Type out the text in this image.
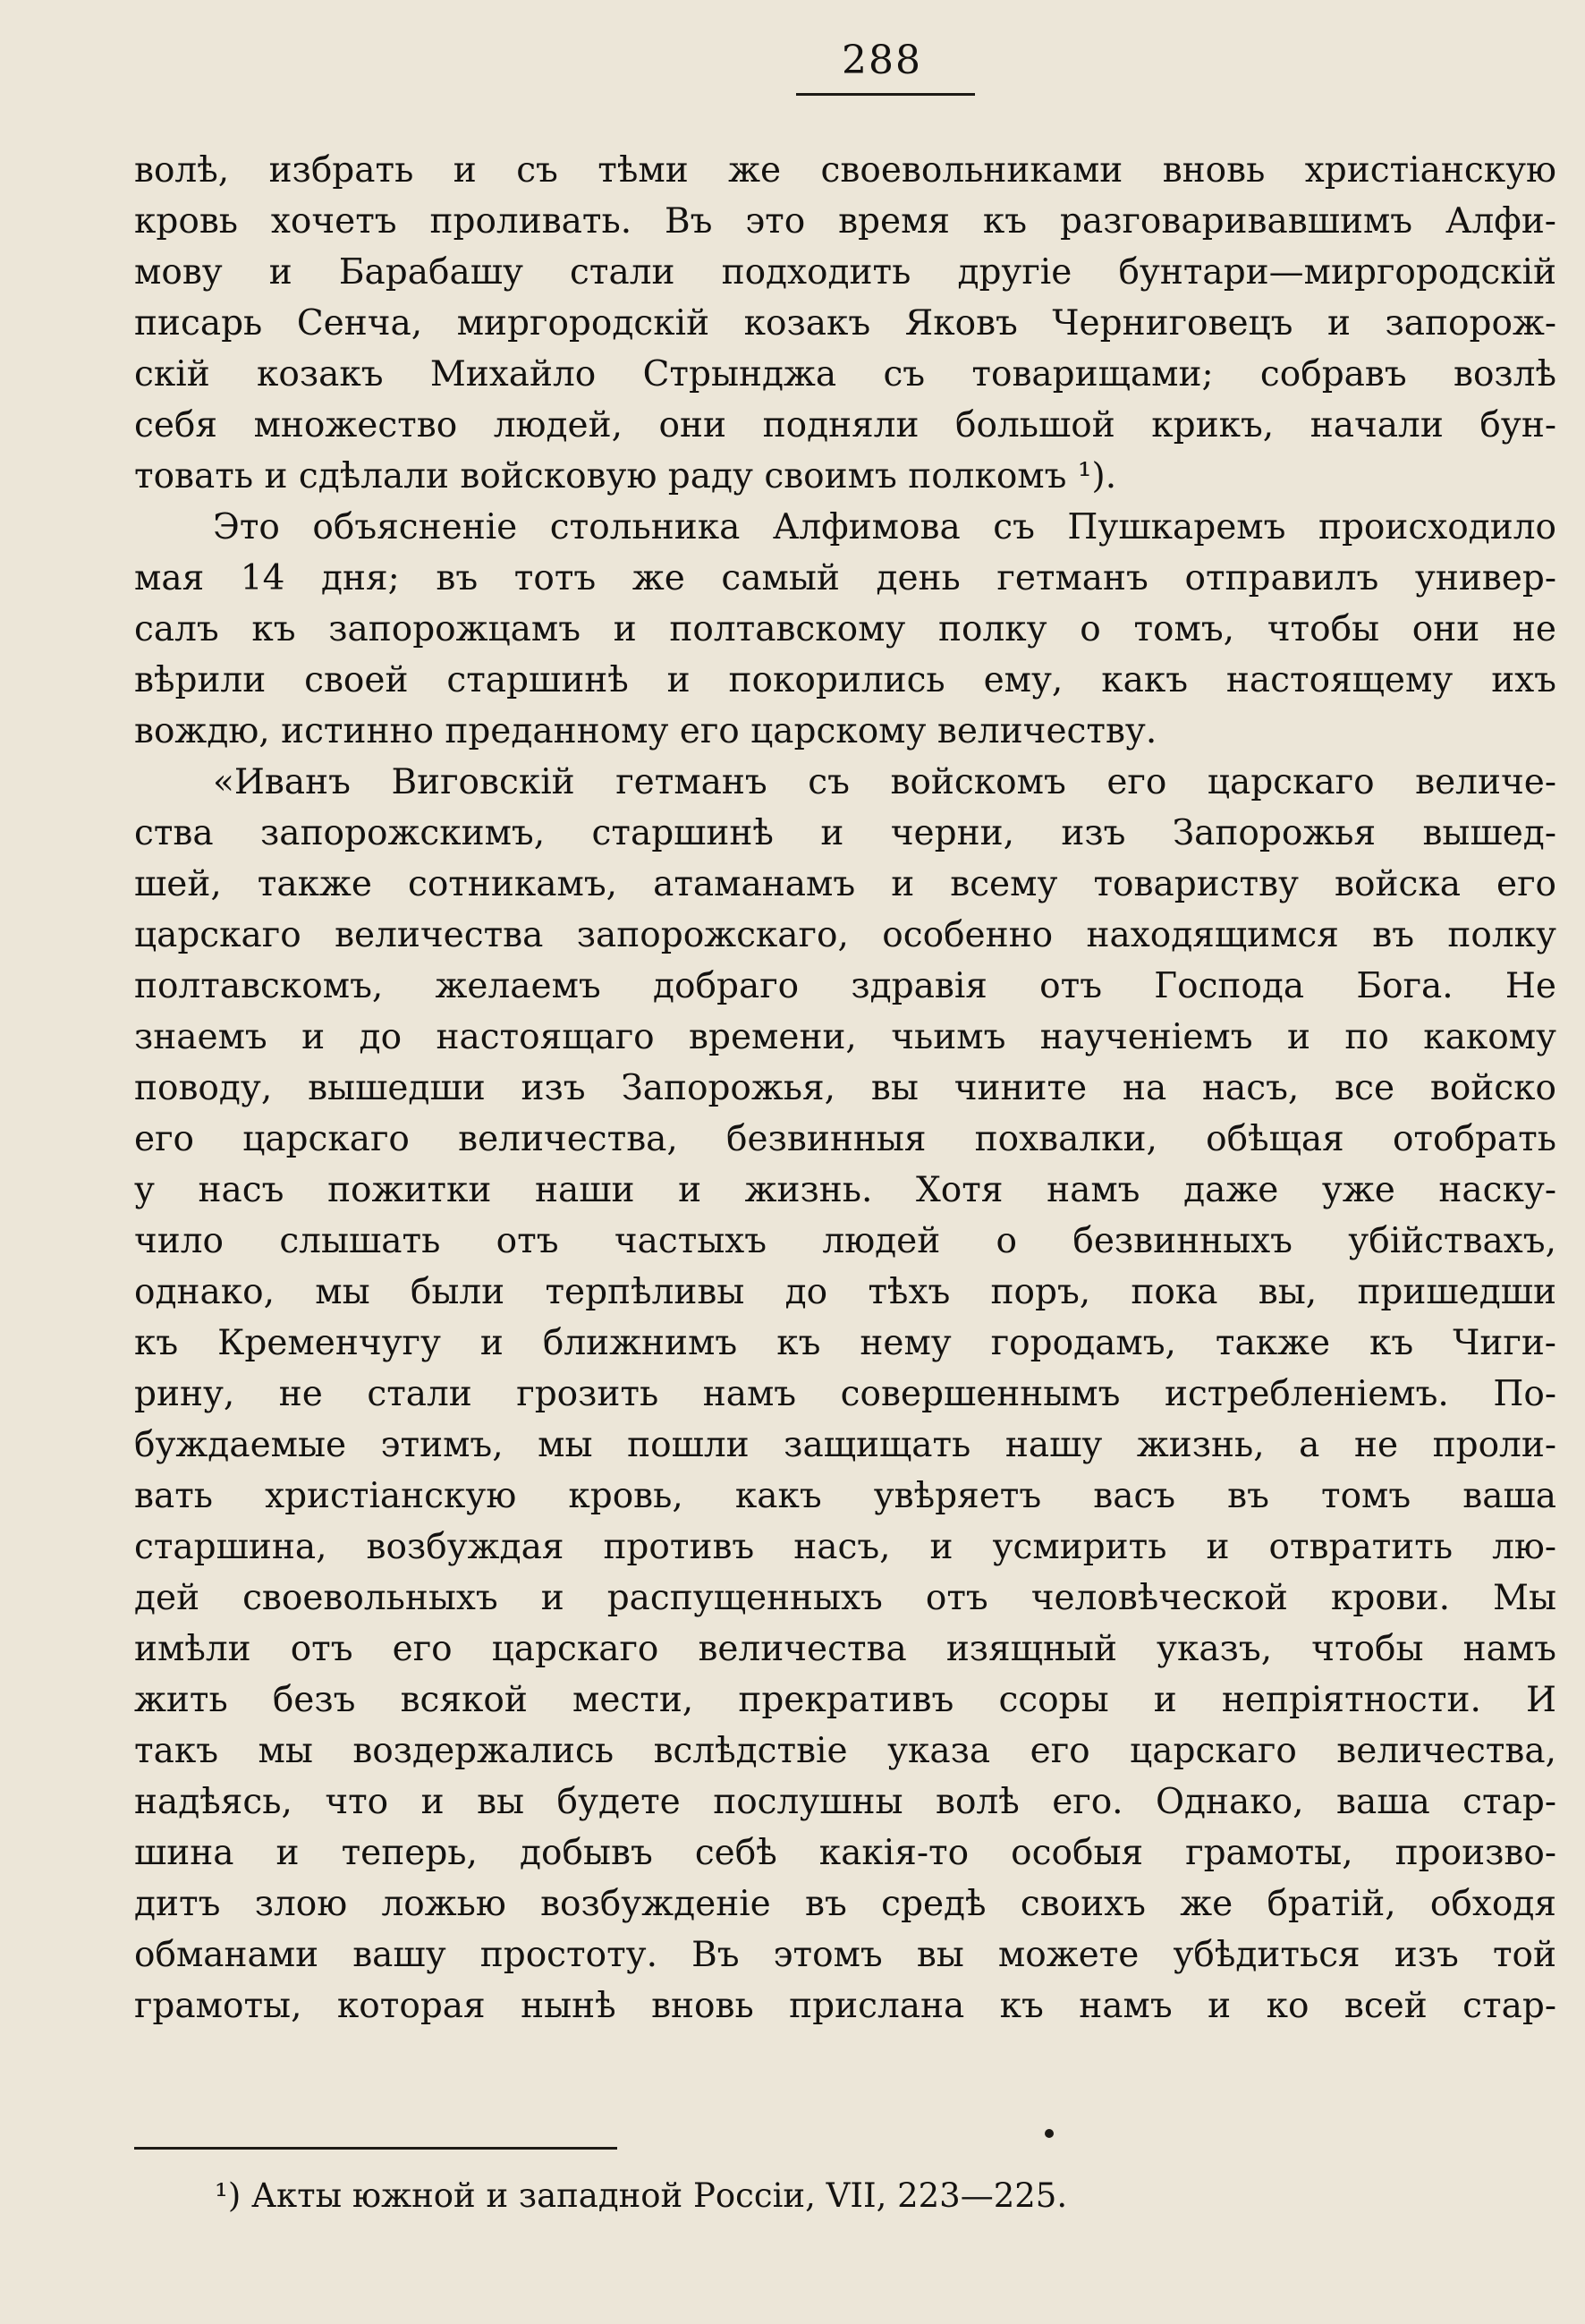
288
волѣ, избрать и съ тѣми же своевольниками вновь христіанскую
кровь хочетъ проливать. Въ это время къ разговаривавшимъ Алфи-
мову и Барабашу стали подходить другіе бунтари—миргородскій
писарь Сенча, миргородскій козакъ Яковъ Черниговецъ и запорож-
скій козакъ Михайло Стрынджа съ товарищами; собравъ возлѣ
себя множество людей, они подняли большой крикъ, начали бун-
товать и сдѣлали войсковую раду своимъ полкомъ ¹).
Это объясненіе стольника Алфимова съ Пушкаремъ происходило
мая 14 дня; въ тотъ же самый день гетманъ отправилъ универ-
салъ къ запорожцамъ и полтавскому полку о томъ, чтобы они не
вѣрили своей старшинѣ и покорились ему, какъ настоящему ихъ
вождю, истинно преданному его царскому величеству.
«Иванъ Виговскій гетманъ съ войскомъ его царскаго величе-
ства запорожскимъ, старшинѣ и черни, изъ Запорожья вышед-
шей, также сотникамъ, атаманамъ и всему товариству войска его
царскаго величества запорожскаго, особенно находящимся въ полку
полтавскомъ, желаемъ добраго здравія отъ Господа Бога. Не
знаемъ и до настоящаго времени, чьимъ наученіемъ и по какому
поводу, вышедши изъ Запорожья, вы чините на насъ, все войско
его царскаго величества, безвинныя похвалки, обѣщая отобрать
у насъ пожитки наши и жизнь. Хотя намъ даже уже наску-
чило слышать отъ частыхъ людей о безвинныхъ убійствахъ,
однако, мы были терпѣливы до тѣхъ поръ, пока вы, пришедши
къ Кременчугу и ближнимъ къ нему городамъ, также къ Чиги-
рину, не стали грозить намъ совершеннымъ истребленіемъ. По-
буждаемые этимъ, мы пошли защищать нашу жизнь, а не проли-
вать христіанскую кровь, какъ увѣряетъ васъ въ томъ ваша
старшина, возбуждая противъ насъ, и усмирить и отвратить лю-
дей своевольныхъ и распущенныхъ отъ человѣческой крови. Мы
имѣли отъ его царскаго величества изящный указъ, чтобы намъ
жить безъ всякой мести, прекративъ ссоры и непріятности. И
такъ мы воздержались вслѣдствіе указа его царскаго величества,
надѣясь, что и вы будете послушны волѣ его. Однако, ваша стар-
шина и теперь, добывъ себѣ какія-то особыя грамоты, произво-
дитъ злою ложью возбужденіе въ средѣ своихъ же братій, обходя
обманами вашу простоту. Въ этомъ вы можете убѣдиться изъ той
грамоты, которая нынѣ вновь прислана къ намъ и ко всей стар-
¹) Акты южной и западной Россіи, VII, 223—225.
